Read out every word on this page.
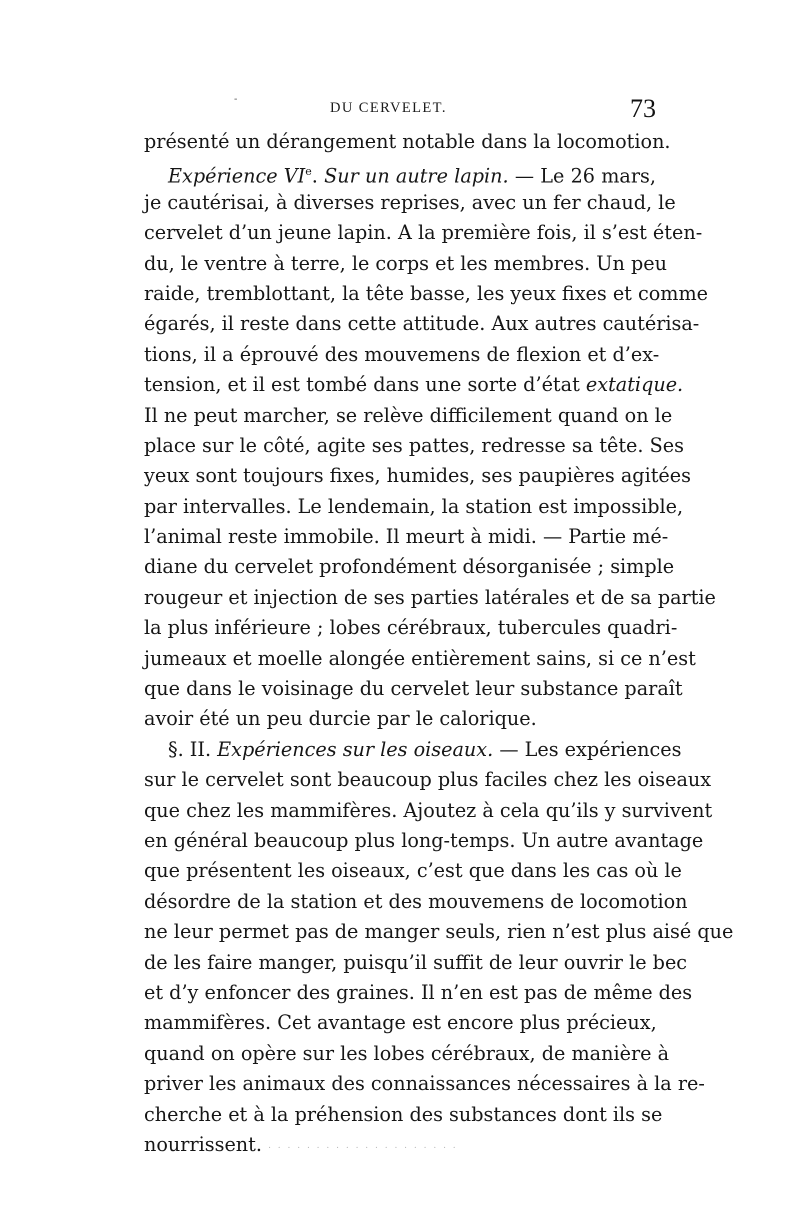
-
DU CERVELET.	73
présenté un dérangement notable dans la locomotion.
Expérience VIe. Sur un autre lapin. — Le 26 mars,
je cautérisai, à diverses reprises, avec un fer chaud, le
cervelet d’un jeune lapin. A la première fois, il s’est éten-
du, le ventre à terre, le corps et les membres. Un peu
raide, tremblottant, la tête basse, les yeux fixes et comme
égarés, il reste dans cette attitude. Aux autres cautérisa-
tions, il a éprouvé des mouvemens de flexion et d’ex-
tension, et il est tombé dans une sorte d’état extatique.
Il ne peut marcher, se relève difficilement quand on le
place sur le côté, agite ses pattes, redresse sa tête. Ses
yeux sont toujours fixes, humides, ses paupières agitées
par intervalles. Le lendemain, la station est impossible,
l’animal reste immobile. Il meurt à midi. — Partie mé-
diane du cervelet profondément désorganisée ; simple
rougeur et injection de ses parties latérales et de sa partie
la plus inférieure ; lobes cérébraux, tubercules quadri-
jumeaux et moelle alongée entièrement sains, si ce n’est
que dans le voisinage du cervelet leur substance paraît
avoir été un peu durcie par le calorique.
§. II. Expériences sur les oiseaux. — Les expériences
sur le cervelet sont beaucoup plus faciles chez les oiseaux
que chez les mammifères. Ajoutez à cela qu’ils y survivent
en général beaucoup plus long-temps. Un autre avantage
que présentent les oiseaux, c’est que dans les cas où le
désordre de la station et des mouvemens de locomotion
ne leur permet pas de manger seuls, rien n’est plus aisé que
de les faire manger, puisqu’il suffit de leur ouvrir le bec
et d’y enfoncer des graines. Il n’en est pas de même des
mammifères. Cet avantage est encore plus précieux,
quand on opère sur les lobes cérébraux, de manière à
priver les animaux des connaissances nécessaires à la re-
cherche et à la préhension des substances dont ils se
nourrissent. . . . . . . . . . . . . . . . . . . . .
